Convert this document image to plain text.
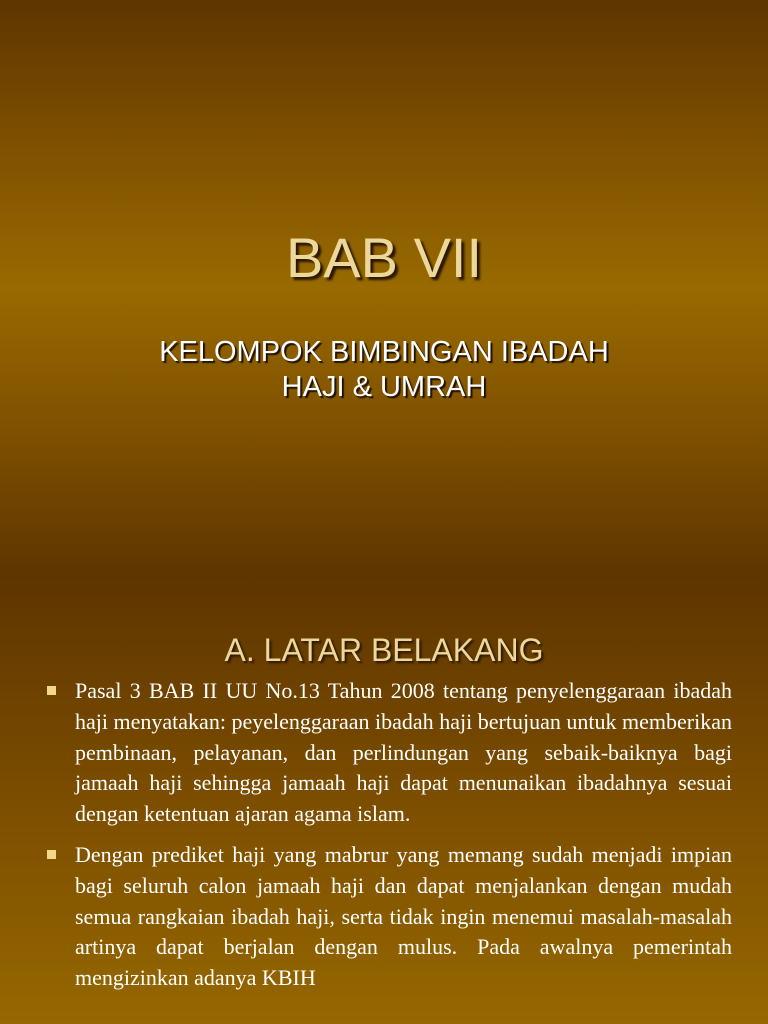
BAB VII
KELOMPOK BIMBINGAN IBADAH
HAJI & UMRAH
A. LATAR BELAKANG
Pasal 3 BAB II UU No.13 Tahun 2008 tentang penyelenggaraan ibadah haji menyatakan: peyelenggaraan ibadah haji bertujuan untuk memberikan pembinaan, pelayanan, dan perlindungan yang sebaik-baiknya bagi jamaah haji sehingga jamaah haji dapat menunaikan ibadahnya sesuai dengan ketentuan ajaran agama islam.
Dengan prediket haji yang mabrur yang memang sudah menjadi impian bagi seluruh calon jamaah haji dan dapat menjalankan dengan mudah semua rangkaian ibadah haji, serta tidak ingin menemui masalah-masalah artinya dapat berjalan dengan mulus. Pada awalnya pemerintah mengizinkan adanya KBIH
